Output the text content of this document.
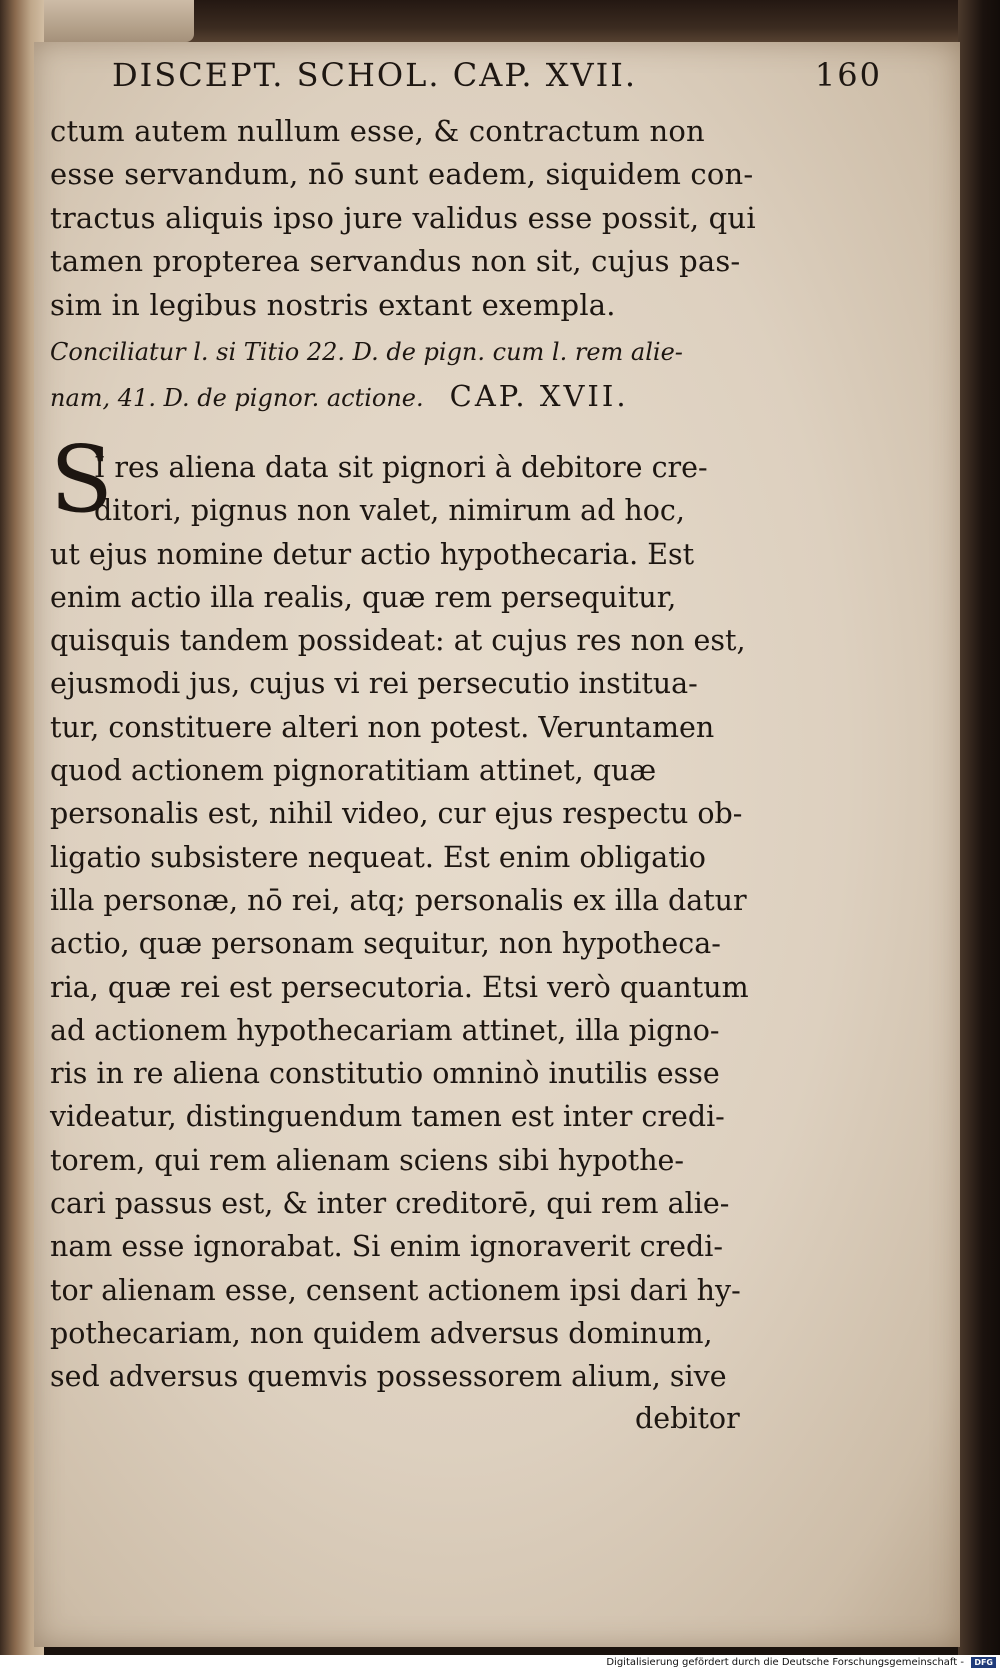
DISCEPT. SCHOL. CAP. XVII.	160
ctum autem nullum esse, & contractum non
esse servandum, nō sunt eadem, siquidem con-
tractus aliquis ipso jure validus esse possit, qui
tamen propterea servandus non sit, cujus pas-
sim in legibus nostris extant exempla.
Conciliatur l. si Titio 22. D. de pign. cum l. rem alie-
nam, 41. D. de pignor. actione. CAP. XVII.
S
I res aliena data sit pignori à debitore cre-
ditori, pignus non valet, nimirum ad hoc,
ut ejus nomine detur actio hypothecaria. Est
enim actio illa realis, quæ rem persequitur,
quisquis tandem possideat: at cujus res non est,
ejusmodi jus, cujus vi rei persecutio institua-
tur, constituere alteri non potest. Veruntamen
quod actionem pignoratitiam attinet, quæ
personalis est, nihil video, cur ejus respectu ob-
ligatio subsistere nequeat. Est enim obligatio
illa personæ, nō rei, atq; personalis ex illa datur
actio, quæ personam sequitur, non hypotheca-
ria, quæ rei est persecutoria. Etsi verò quantum
ad actionem hypothecariam attinet, illa pigno-
ris in re aliena constitutio omninò inutilis esse
videatur, distinguendum tamen est inter credi-
torem, qui rem alienam sciens sibi hypothe-
cari passus est, & inter creditorē, qui rem alie-
nam esse ignorabat. Si enim ignoraverit credi-
tor alienam esse, censent actionem ipsi dari hy-
pothecariam, non quidem adversus dominum,
sed adversus quemvis possessorem alium, sive
debitor
Digitalisierung gefördert durch die Deutsche Forschungsgemeinschaft -	DFG
